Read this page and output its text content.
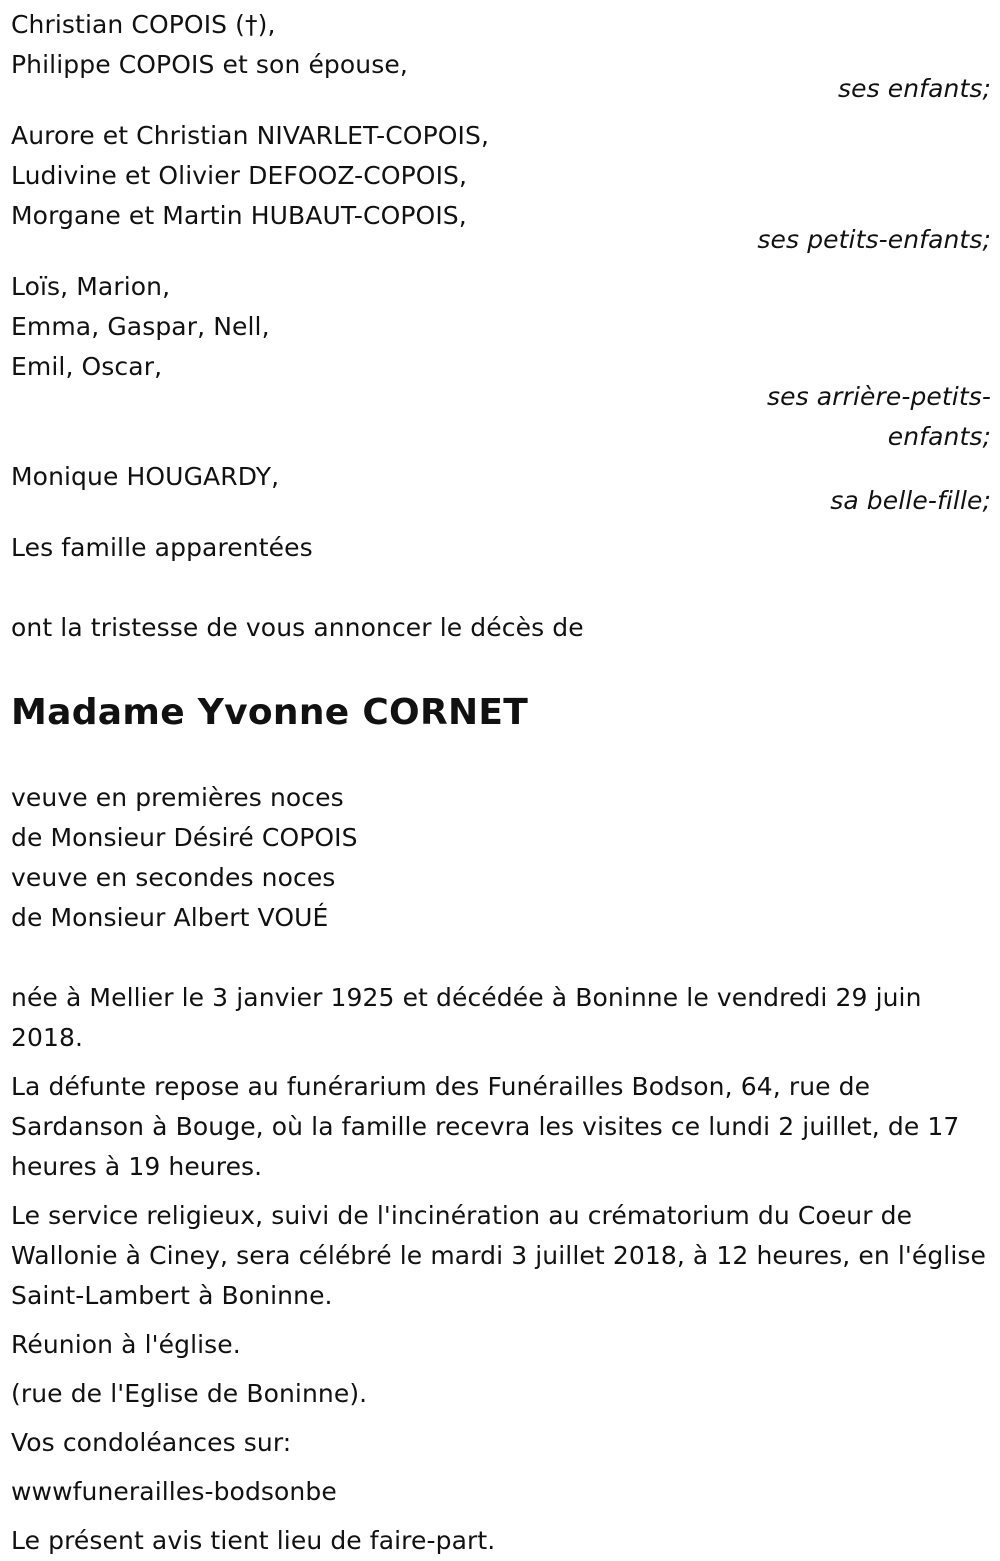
Christian COPOIS (†),
Philippe COPOIS et son épouse,
ses enfants;
Aurore et Christian NIVARLET-COPOIS,
Ludivine et Olivier DEFOOZ-COPOIS,
Morgane et Martin HUBAUT-COPOIS,
ses petits-enfants;
Loïs, Marion,
Emma, Gaspar, Nell,
Emil, Oscar,
ses arrière-petits-enfants;
Monique HOUGARDY,
sa belle-fille;
Les famille apparentées
ont la tristesse de vous annoncer le décès de
Madame Yvonne CORNET
veuve en premières noces
de Monsieur Désiré COPOIS
veuve en secondes noces
de Monsieur Albert VOUÉ

née à Mellier le 3 janvier 1925 et décédée à Boninne le vendredi 29 juin 2018.

La défunte repose au funérarium des Funérailles Bodson, 64, rue de Sardanson à Bouge, où la famille recevra les visites ce lundi 2 juillet, de 17 heures à 19 heures.

Le service religieux, suivi de l'incinération au crématorium du Coeur de Wallonie à Ciney, sera célébré le mardi 3 juillet 2018, à 12 heures, en l'église Saint-Lambert à Boninne.

Réunion à l'église.

(rue de l'Eglise de Boninne).

Vos condoléances sur:

wwwfunerailles-bodsonbe

Le présent avis tient lieu de faire-part.
